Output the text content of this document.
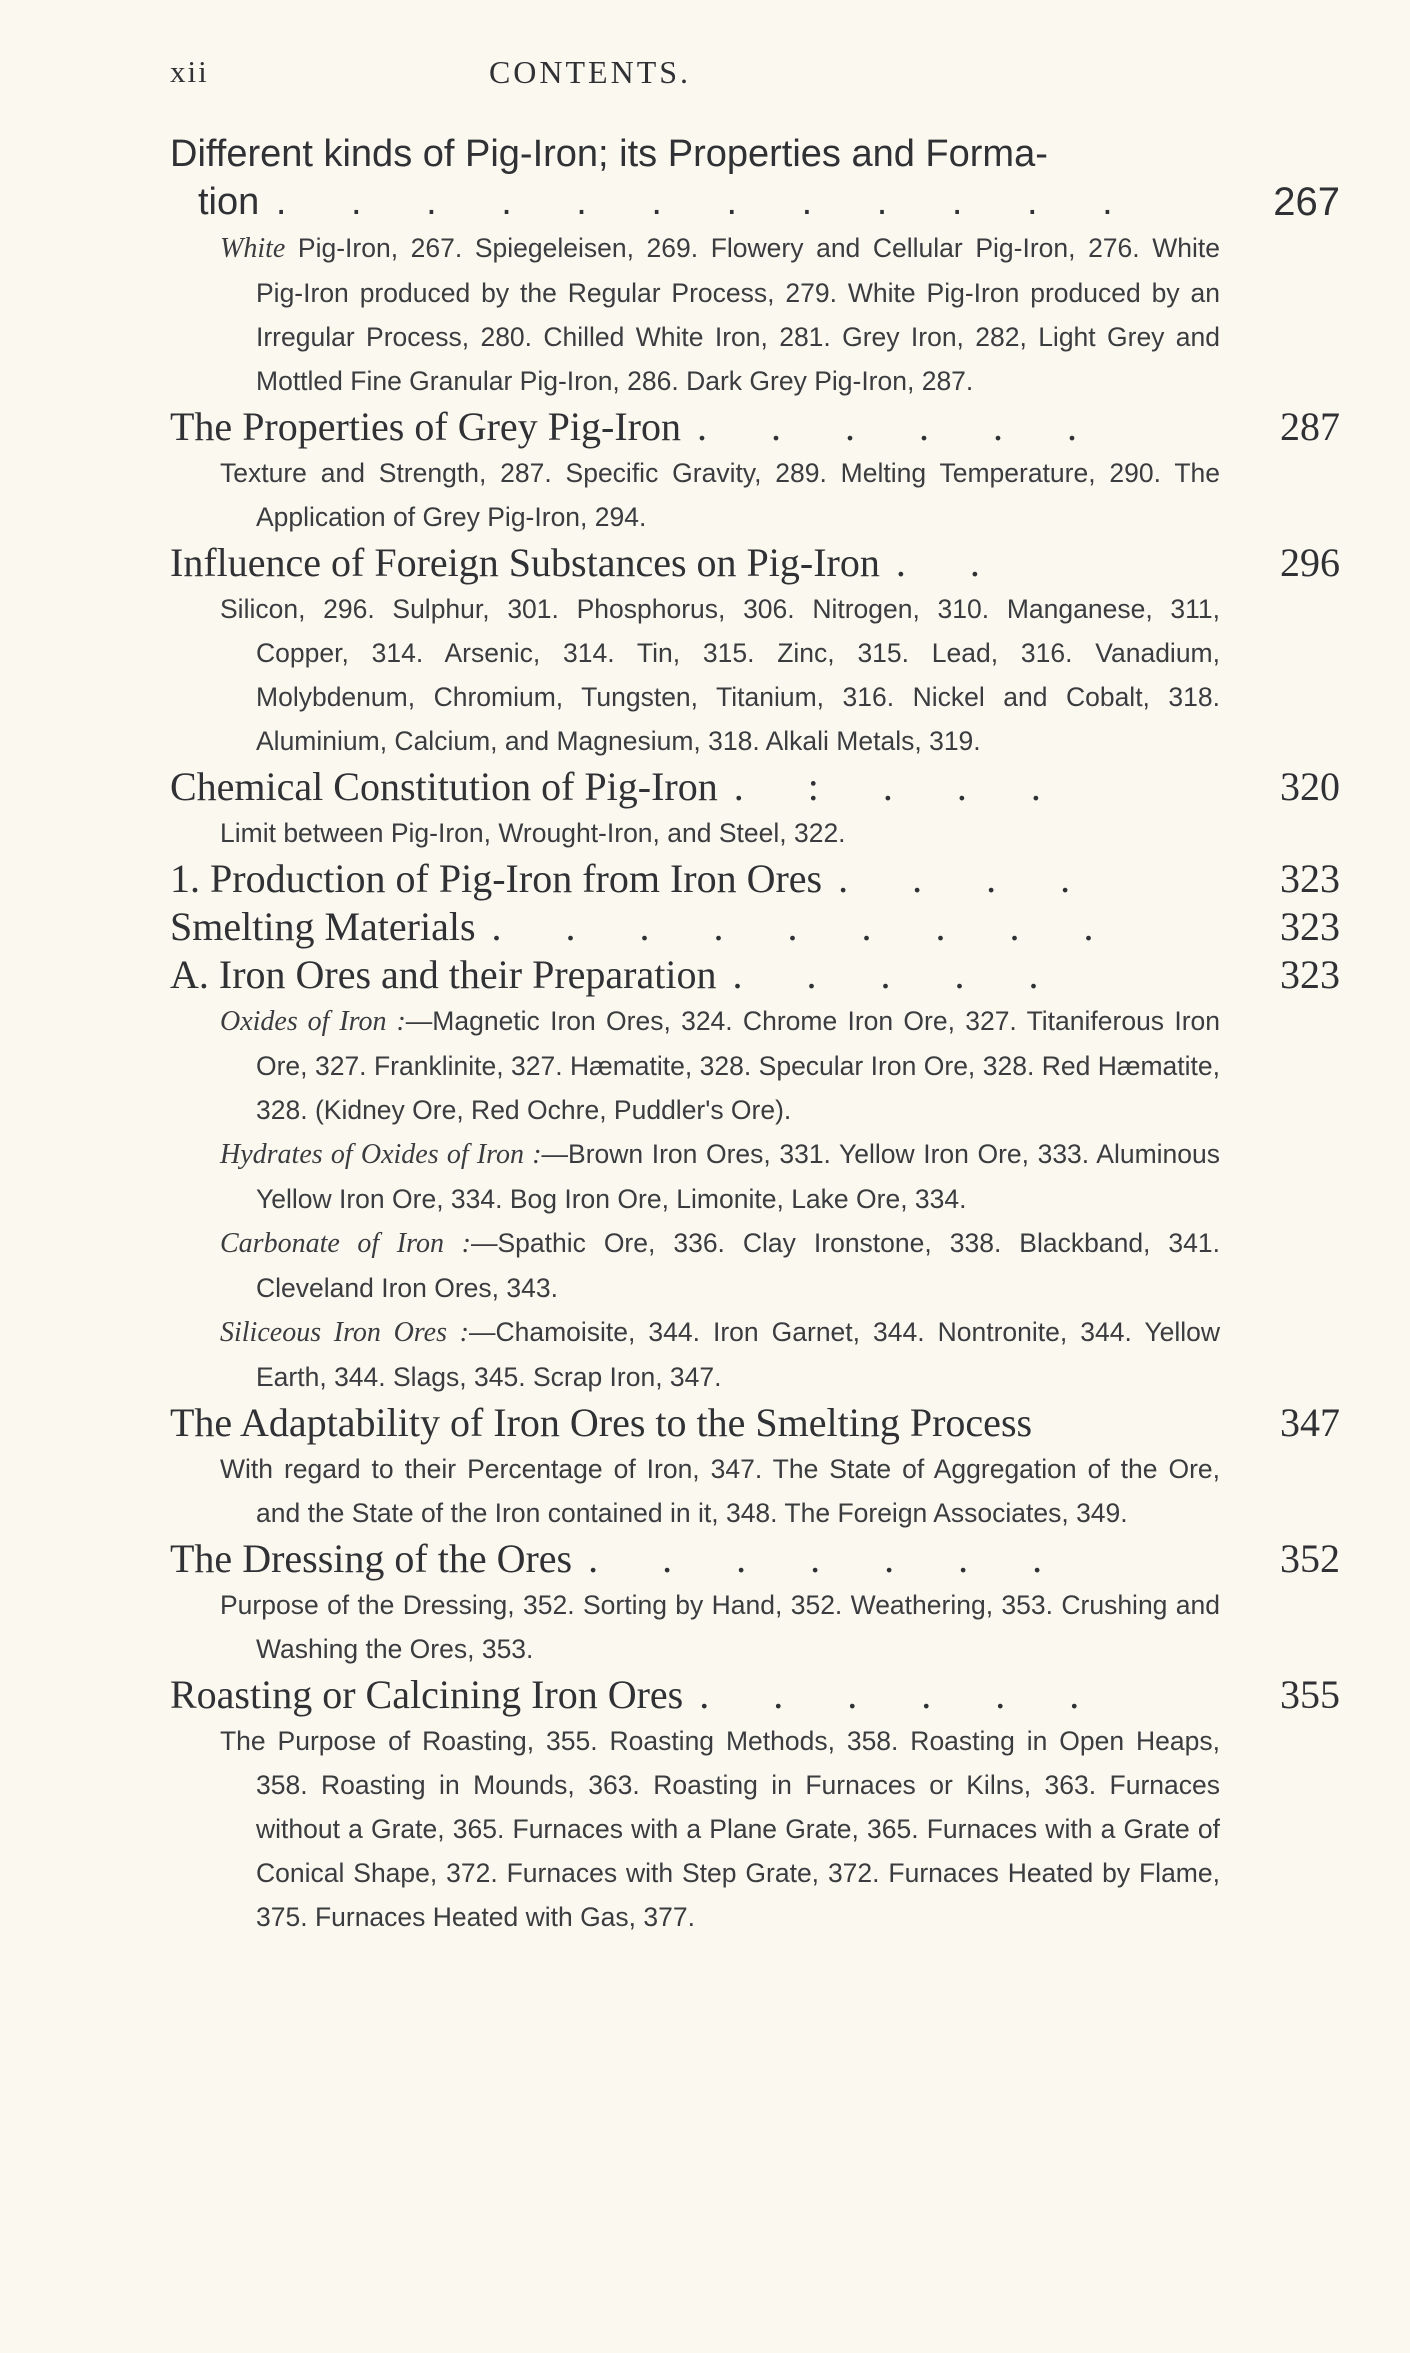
xii	CONTENTS.
Different kinds of Pig-Iron; its Properties and Forma-
tion . . . . . . . . . . . .	267
White Pig-Iron, 267. Spiegeleisen, 269. Flowery and Cellular Pig-Iron, 276. White Pig-Iron produced by the Regular Process, 279. White Pig-Iron produced by an Irregular Process, 280. Chilled White Iron, 281. Grey Iron, 282, Light Grey and Mottled Fine Granular Pig-Iron, 286. Dark Grey Pig-Iron, 287.
The Properties of Grey Pig-Iron . . . . . .	287
Texture and Strength, 287. Specific Gravity, 289. Melting Temperature, 290. The Application of Grey Pig-Iron, 294.
Influence of Foreign Substances on Pig-Iron . .	296
Silicon, 296. Sulphur, 301. Phosphorus, 306. Nitrogen, 310. Manganese, 311, Copper, 314. Arsenic, 314. Tin, 315. Zinc, 315. Lead, 316. Vanadium, Molybdenum, Chromium, Tungsten, Titanium, 316. Nickel and Cobalt, 318. Aluminium, Calcium, and Magnesium, 318. Alkali Metals, 319.
Chemical Constitution of Pig-Iron . : . . .	320
Limit between Pig-Iron, Wrought-Iron, and Steel, 322.
1. Production of Pig-Iron from Iron Ores . . . .	323
Smelting Materials . . . . . . . . .	323
A. Iron Ores and their Preparation . . . . .	323
Oxides of Iron :—Magnetic Iron Ores, 324. Chrome Iron Ore, 327. Titaniferous Iron Ore, 327. Franklinite, 327. Hæmatite, 328. Specular Iron Ore, 328. Red Hæmatite, 328. (Kidney Ore, Red Ochre, Puddler's Ore).
Hydrates of Oxides of Iron :—Brown Iron Ores, 331. Yellow Iron Ore, 333. Aluminous Yellow Iron Ore, 334. Bog Iron Ore, Limonite, Lake Ore, 334.
Carbonate of Iron :—Spathic Ore, 336. Clay Ironstone, 338. Blackband, 341. Cleveland Iron Ores, 343.
Siliceous Iron Ores :—Chamoisite, 344. Iron Garnet, 344. Nontronite, 344. Yellow Earth, 344. Slags, 345. Scrap Iron, 347.
The Adaptability of Iron Ores to the Smelting Process	347
With regard to their Percentage of Iron, 347. The State of Aggregation of the Ore, and the State of the Iron contained in it, 348. The Foreign Associates, 349.
The Dressing of the Ores . . . . . . .	352
Purpose of the Dressing, 352. Sorting by Hand, 352. Weathering, 353. Crushing and Washing the Ores, 353.
Roasting or Calcining Iron Ores . . . . . .	355
The Purpose of Roasting, 355. Roasting Methods, 358. Roasting in Open Heaps, 358. Roasting in Mounds, 363. Roasting in Furnaces or Kilns, 363. Furnaces without a Grate, 365. Furnaces with a Plane Grate, 365. Furnaces with a Grate of Conical Shape, 372. Furnaces with Step Grate, 372. Furnaces Heated by Flame, 375. Furnaces Heated with Gas, 377.
